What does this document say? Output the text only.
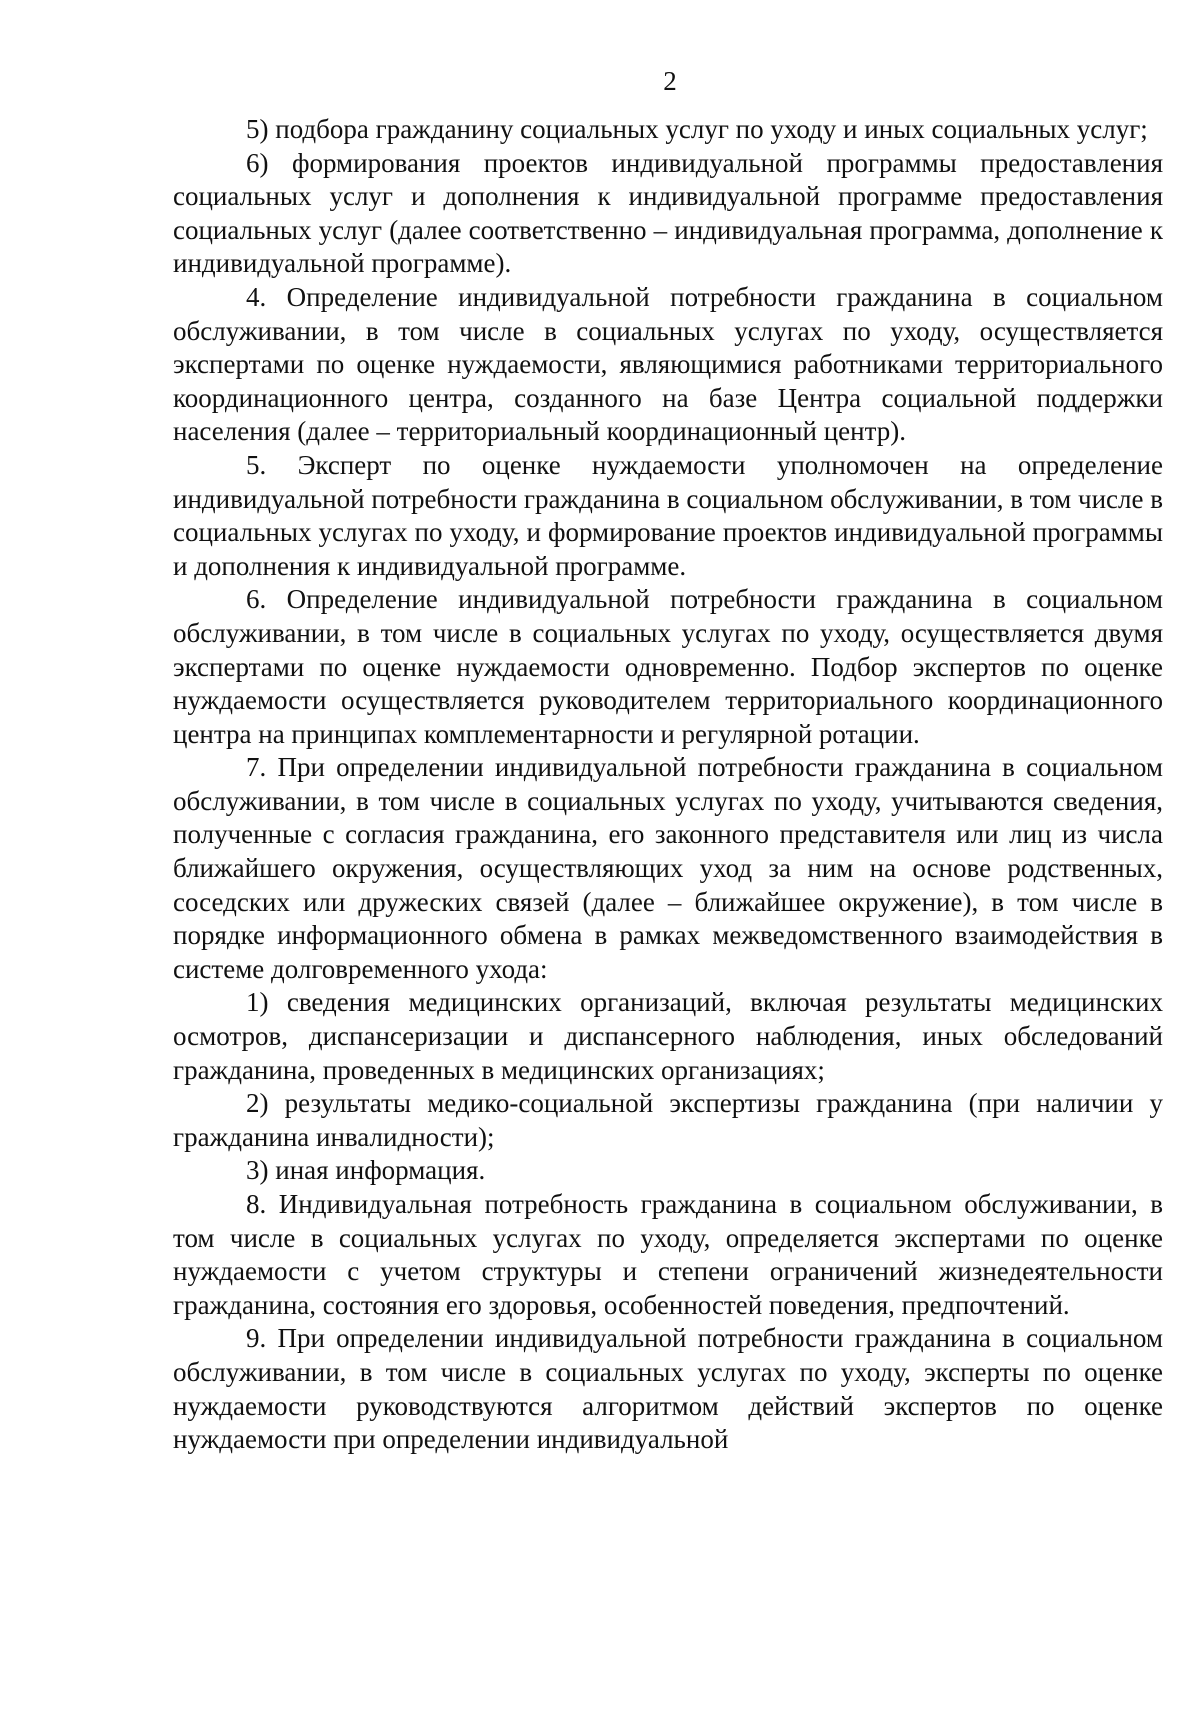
2

5) подбора гражданину социальных услуг по уходу и иных социальных услуг;

6) формирования проектов индивидуальной программы предоставления социальных услуг и дополнения к индивидуальной программе предоставления социальных услуг (далее соответственно – индивидуальная программа, дополнение к индивидуальной программе).

4. Определение индивидуальной потребности гражданина в социальном обслуживании, в том числе в социальных услугах по уходу, осуществляется экспертами по оценке нуждаемости, являющимися работниками территориального координационного центра, созданного на базе Центра социальной поддержки населения (далее – территориальный координационный центр).

5. Эксперт по оценке нуждаемости уполномочен на определение индивидуальной потребности гражданина в социальном обслуживании, в том числе в социальных услугах по уходу, и формирование проектов индивидуальной программы и дополнения к индивидуальной программе.

6. Определение индивидуальной потребности гражданина в социальном обслуживании, в том числе в социальных услугах по уходу, осуществляется двумя экспертами по оценке нуждаемости одновременно. Подбор экспертов по оценке нуждаемости осуществляется руководителем территориального координационного центра на принципах комплементарности и регулярной ротации.

7. При определении индивидуальной потребности гражданина в социальном обслуживании, в том числе в социальных услугах по уходу, учитываются сведения, полученные с согласия гражданина, его законного представителя или лиц из числа ближайшего окружения, осуществляющих уход за ним на основе родственных, соседских или дружеских связей (далее – ближайшее окружение), в том числе в порядке информационного обмена в рамках межведомственного взаимодействия в системе долговременного ухода:

1) сведения медицинских организаций, включая результаты медицинских осмотров, диспансеризации и диспансерного наблюдения, иных обследований гражданина, проведенных в медицинских организациях;

2) результаты медико-социальной экспертизы гражданина (при наличии у гражданина инвалидности);

3) иная информация.

8. Индивидуальная потребность гражданина в социальном обслуживании, в том числе в социальных услугах по уходу, определяется экспертами по оценке нуждаемости с учетом структуры и степени ограничений жизнедеятельности гражданина, состояния его здоровья, особенностей поведения, предпочтений.

9. При определении индивидуальной потребности гражданина в социальном обслуживании, в том числе в социальных услугах по уходу, эксперты по оценке нуждаемости руководствуются алгоритмом действий экспертов по оценке нуждаемости при определении индивидуальной
